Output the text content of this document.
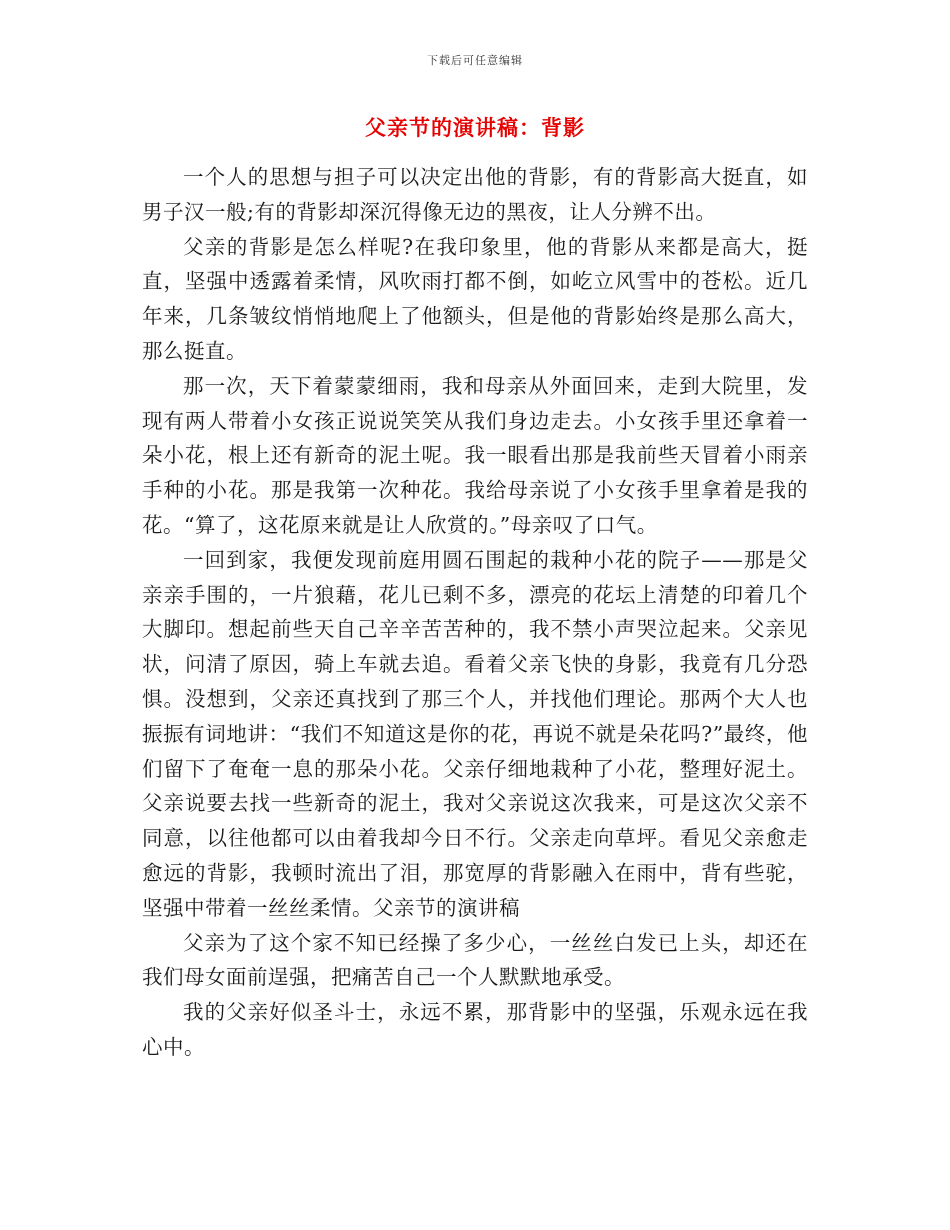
下载后可任意编辑
父亲节的演讲稿：背影

一个人的思想与担子可以决定出他的背影，有的背影高大挺直，如男子汉一般;有的背影却深沉得像无边的黑夜，让人分辨不出。

父亲的背影是怎么样呢?在我印象里，他的背影从来都是高大，挺直，坚强中透露着柔情，风吹雨打都不倒，如屹立风雪中的苍松。近几年来，几条皱纹悄悄地爬上了他额头，但是他的背影始终是那么高大，那么挺直。

那一次，天下着蒙蒙细雨，我和母亲从外面回来，走到大院里，发现有两人带着小女孩正说说笑笑从我们身边走去。小女孩手里还拿着一朵小花，根上还有新奇的泥土呢。我一眼看出那是我前些天冒着小雨亲手种的小花。那是我第一次种花。我给母亲说了小女孩手里拿着是我的花。“算了，这花原来就是让人欣赏的。”母亲叹了口气。

一回到家，我便发现前庭用圆石围起的栽种小花的院子——那是父亲亲手围的，一片狼藉，花儿已剩不多，漂亮的花坛上清楚的印着几个大脚印。想起前些天自己辛辛苦苦种的，我不禁小声哭泣起来。父亲见状，问清了原因，骑上车就去追。看着父亲飞快的身影，我竟有几分恐惧。没想到，父亲还真找到了那三个人，并找他们理论。那两个大人也振振有词地讲：“我们不知道这是你的花，再说不就是朵花吗?”最终，他们留下了奄奄一息的那朵小花。父亲仔细地栽种了小花，整理好泥土。父亲说要去找一些新奇的泥土，我对父亲说这次我来，可是这次父亲不同意，以往他都可以由着我却今日不行。父亲走向草坪。看见父亲愈走愈远的背影，我顿时流出了泪，那宽厚的背影融入在雨中，背有些驼，坚强中带着一丝丝柔情。父亲节的演讲稿

父亲为了这个家不知已经操了多少心，一丝丝白发已上头，却还在我们母女面前逞强，把痛苦自己一个人默默地承受。

我的父亲好似圣斗士，永远不累，那背影中的坚强，乐观永远在我心中。
